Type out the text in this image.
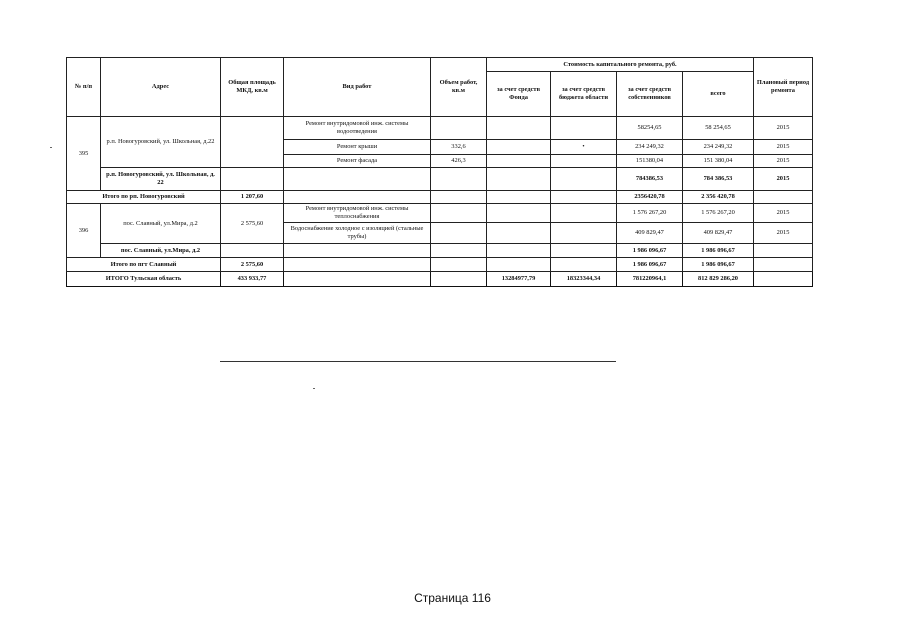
№ п/п	Адрес	Общая площадь МКД, кв.м	Вид работ	Объем работ, кв.м	Стоимость капитального ремонта, руб.				Плановый период ремонта
					за счет средств Фонда	за счет средств бюджета области	за счет средств собственников	всего	
395	р.п. Новогуровский, ул. Школьная, д.22		Ремонт внутридомовой инж. системы водоотведения				58254,65	58 254,65	2015
			Ремонт крыши	332,6		•	234 249,32	234 249,32	2015
			Ремонт фасада	426,3			151380,04	151 380,04	2015
	р.п. Новогуровский, ул. Школьная, д. 22						784386,53	784 386,53	2015
Итого по рп. Новогуровский		1 207,60					2356420,78	2 356 420,78	
396	пос. Славный, ул.Мира, д.2	2 575,60	Ремонт внутридомовой инж. системы теплоснабжения				1 576 267,20	1 576 267,20	2015
			Водоснабжение холодное с изоляцией (стальные трубы)				409 829,47	409 829,47	2015
	пос. Славный, ул.Мира, д.2						1 986 096,67	1 986 096,67	
Итого по пгт Славный		2 575,60					1 986 096,67	1 986 096,67	
ИТОГО Тульская область		433 933,77			13284977,79	18323344,34	781220964,1	812 829 286,20	
Страница 116
